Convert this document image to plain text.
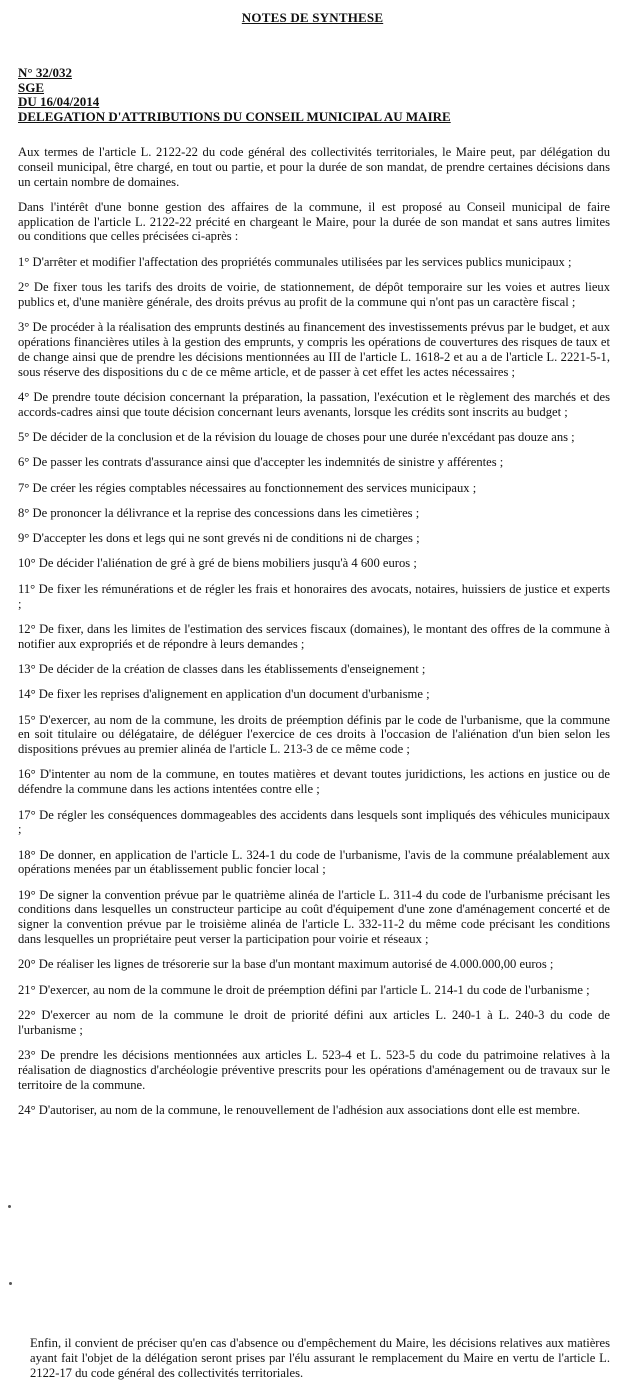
NOTES DE SYNTHESE
N° 32/032
SGE
DU 16/04/2014
DELEGATION D'ATTRIBUTIONS DU CONSEIL MUNICIPAL AU MAIRE

Aux termes de l'article L. 2122-22 du code général des collectivités territoriales, le Maire peut, par délégation du conseil municipal, être chargé, en tout ou partie, et pour la durée de son mandat, de prendre certaines décisions dans un certain nombre de domaines.

Dans l'intérêt d'une bonne gestion des affaires de la commune, il est proposé au Conseil municipal de faire application de l'article L. 2122-22 précité en chargeant le Maire, pour la durée de son mandat et sans autres limites ou conditions que celles précisées ci-après :

1° D'arrêter et modifier l'affectation des propriétés communales utilisées par les services publics municipaux ;

2° De fixer tous les tarifs des droits de voirie, de stationnement, de dépôt temporaire sur les voies et autres lieux publics et, d'une manière générale, des droits prévus au profit de la commune qui n'ont pas un caractère fiscal ;

3° De procéder à la réalisation des emprunts destinés au financement des investissements prévus par le budget, et aux opérations financières utiles à la gestion des emprunts, y compris les opérations de couvertures des risques de taux et de change ainsi que de prendre les décisions mentionnées au III de l'article L. 1618-2 et au a de l'article L. 2221-5-1, sous réserve des dispositions du c de ce même article, et de passer à cet effet les actes nécessaires ;

4° De prendre toute décision concernant la préparation, la passation, l'exécution et le règlement des marchés et des accords-cadres ainsi que toute décision concernant leurs avenants, lorsque les crédits sont inscrits au budget ;

5° De décider de la conclusion et de la révision du louage de choses pour une durée n'excédant pas douze ans ;

6° De passer les contrats d'assurance ainsi que d'accepter les indemnités de sinistre y afférentes ;

7° De créer les régies comptables nécessaires au fonctionnement des services municipaux ;

8° De prononcer la délivrance et la reprise des concessions dans les cimetières ;

9° D'accepter les dons et legs qui ne sont grevés ni de conditions ni de charges ;

10° De décider l'aliénation de gré à gré de biens mobiliers jusqu'à 4 600 euros ;

11° De fixer les rémunérations et de régler les frais et honoraires des avocats, notaires, huissiers de justice et experts ;

12° De fixer, dans les limites de l'estimation des services fiscaux (domaines), le montant des offres de la commune à notifier aux expropriés et de répondre à leurs demandes ;

13° De décider de la création de classes dans les établissements d'enseignement ;

14° De fixer les reprises d'alignement en application d'un document d'urbanisme ;

15° D'exercer, au nom de la commune, les droits de préemption définis par le code de l'urbanisme, que la commune en soit titulaire ou délégataire, de déléguer l'exercice de ces droits à l'occasion de l'aliénation d'un bien selon les dispositions prévues au premier alinéa de l'article L. 213-3 de ce même code ;

16° D'intenter au nom de la commune, en toutes matières et devant toutes juridictions, les actions en justice ou de défendre la commune dans les actions intentées contre elle ;

17° De régler les conséquences dommageables des accidents dans lesquels sont impliqués des véhicules municipaux ;

18° De donner, en application de l'article L. 324-1 du code de l'urbanisme, l'avis de la commune préalablement aux opérations menées par un établissement public foncier local ;

19° De signer la convention prévue par le quatrième alinéa de l'article L. 311-4 du code de l'urbanisme précisant les conditions dans lesquelles un constructeur participe au coût d'équipement d'une zone d'aménagement concerté et de signer la convention prévue par le troisième alinéa de l'article L. 332-11-2 du même code précisant les conditions dans lesquelles un propriétaire peut verser la participation pour voirie et réseaux ;

20° De réaliser les lignes de trésorerie sur la base d'un montant maximum autorisé de 4.000.000,00 euros ;

21° D'exercer, au nom de la commune le droit de préemption défini par l'article L. 214-1 du code de l'urbanisme ;

22° D'exercer au nom de la commune le droit de priorité défini aux articles L. 240-1 à L. 240-3 du code de l'urbanisme ;

23° De prendre les décisions mentionnées aux articles L. 523-4 et L. 523-5 du code du patrimoine relatives à la réalisation de diagnostics d'archéologie préventive prescrits pour les opérations d'aménagement ou de travaux sur le territoire de la commune.

24° D'autoriser, au nom de la commune, le renouvellement de l'adhésion aux associations dont elle est membre.

Enfin, il convient de préciser qu'en cas d'absence ou d'empêchement du Maire, les décisions relatives aux matières ayant fait l'objet de la délégation seront prises par l'élu assurant le remplacement du Maire en vertu de l'article L. 2122-17 du code général des collectivités territoriales.
